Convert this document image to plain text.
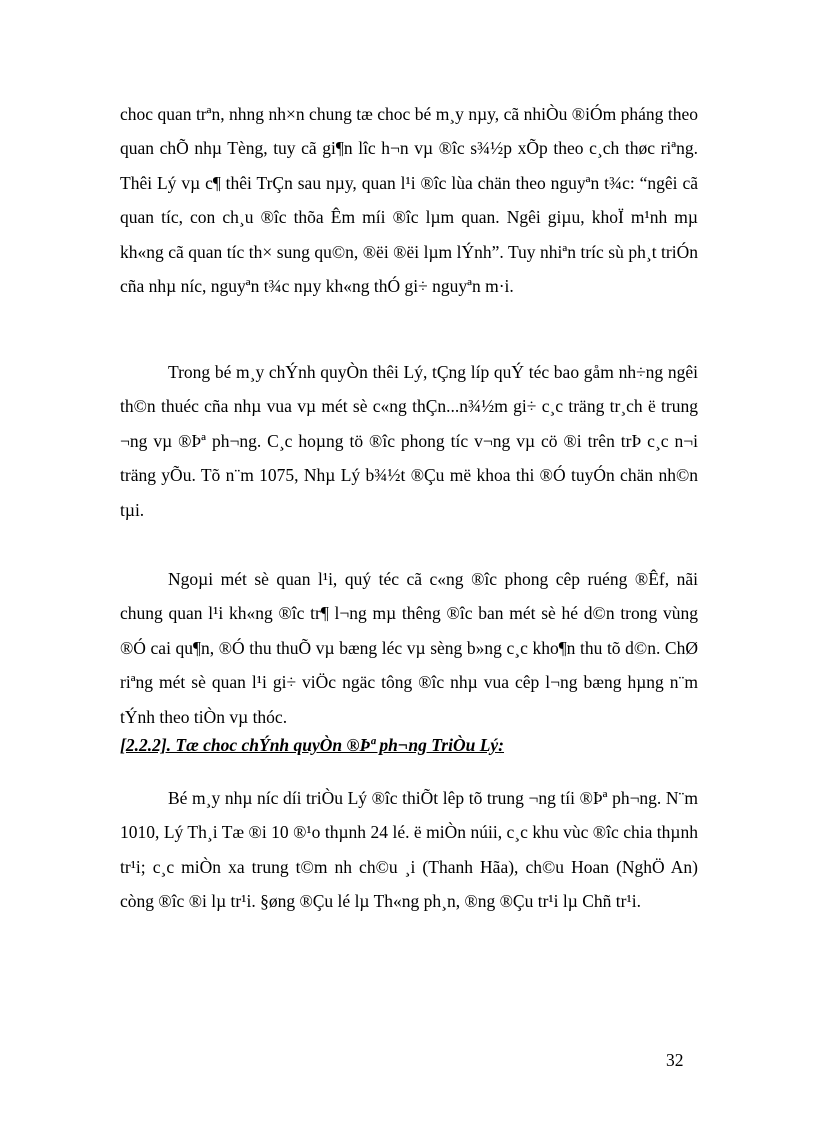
choc quan trªn, nhng nh×n chung tæ choc bé m¸y nµy, cã nhiÒu ®iÓm pháng theo quan chÕ nhµ Tèng, tuy cã gi¶n lîc h¬n vµ ®îc s¾½p xÕp theo c¸ch thøc riªng. Thêi Lý vµ c¶ thêi TrÇn sau nµy, quan l¹i ®îc lùa chän theo nguyªn t¾c: “ngêi cã quan tíc, con ch¸u ®îc thõa Êm míi ®îc lµm quan. Ngêi giµu, khoÏ m¹nh mµ kh«ng cã quan tíc th× sung qu©n, ®ëi ®ëi lµm lÝnh”. Tuy nhiªn tríc sù ph¸t triÓn cña nhµ níc, nguyªn t¾c nµy kh«ng thÓ gi÷ nguyªn m·i.

Trong bé m¸y chÝnh quyÒn thêi Lý, tÇng líp quÝ téc bao gåm nh÷ng ngêi th©n thuéc cña nhµ vua vµ mét sè c«ng thÇn...n¾½m gi÷ c¸c träng tr¸ch ë trung ¬ng vµ ®Þª ph¬ng. C¸c hoµng tö ®îc phong tíc v¬ng vµ cö ®i trên trÞ c¸c n¬i träng yÕu. Tõ n¨m 1075, Nhµ Lý b¾½t ®Çu më khoa thi ®Ó tuyÓn chän nh©n tµi.

Ngoµi mét sè quan l¹i, quý téc cã c«ng ®îc phong cêp ruéng ®Êf, nãi chung quan l¹i kh«ng ®îc tr¶ l¬ng mµ thêng ®îc ban mét sè hé d©n trong vùng ®Ó cai qu¶n, ®Ó thu thuÕ vµ bæng léc vµ sèng b»ng c¸c kho¶n thu tõ d©n. ChØ riªng mét sè quan l¹i gi÷ viÖc ngäc tông ®îc nhµ vua cêp l¬ng bæng hµng n¨m tÝnh theo tiÒn vµ thóc.

[2.2.2]. Tæ choc chÝnh quyÒn ®Þª ph¬ng TriÒu Lý:

Bé m¸y nhµ níc díi triÒu Lý ®îc thiÕt lêp tõ trung ¬ng tíi ®Þª ph¬ng. N¨m 1010, Lý Th¸i Tæ ®i 10 ®¹o thµnh 24 lé. ë miÒn núii, c¸c khu vùc ®îc chia thµnh tr¹i; c¸c miÒn xa trung t©m nh ch©u ¸i (Thanh Hãa), ch©u Hoan (NghÖ An) còng ®îc ®i lµ tr¹i. §øng ®Çu lé lµ Th«ng ph¸n, ®ng ®Çu tr¹i lµ Chñ tr¹i.

32
